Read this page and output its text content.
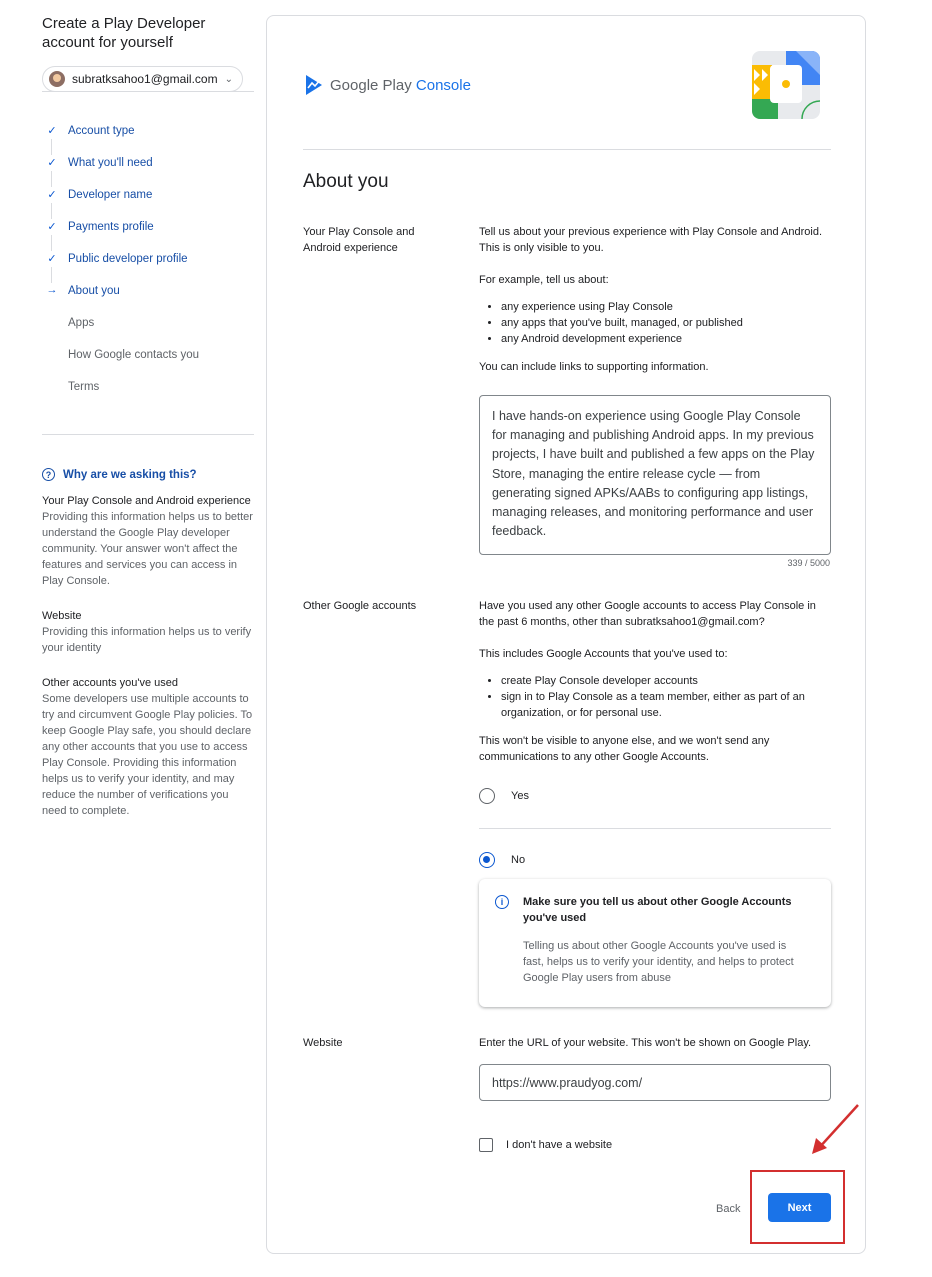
Create a Play Developer account for yourself
subratksahoo1@gmail.com ⌄
✓ Account type
✓ What you'll need
✓ Developer name
✓ Payments profile
✓ Public developer profile
→ About you
Apps
How Google contacts you
Terms
?	Why are we asking this?
Your Play Console and Android experience
Providing this information helps us to better understand the Google Play developer community. Your answer won't affect the features and services you can access in Play Console.
Website
Providing this information helps us to verify your identity
Other accounts you've used
Some developers use multiple accounts to try and circumvent Google Play policies. To keep Google Play safe, you should declare any other accounts that you use to access Play Console. Providing this information helps us to verify your identity, and may reduce the number of verifications you need to complete.
Google Play Console
About you
Your Play Console and Android experience

Tell us about your previous experience with Play Console and Android. This is only visible to you.

For example, tell us about:

• any experience using Play Console
• any apps that you've built, managed, or published
• any Android development experience

You can include links to supporting information.

I have hands-on experience using Google Play Console for managing and publishing Android apps. In my previous projects, I have built and published a few apps on the Play Store, managing the entire release cycle — from generating signed APKs/AABs to configuring app listings, managing releases, and monitoring performance and user feedback.
339 / 5000
Other Google accounts	Have you used any other Google accounts to access Play Console in the past 6 months, other than subratksahoo1@gmail.com?

This includes Google Accounts that you've used to:

• create Play Console developer accounts
• sign in to Play Console as a team member, either as part of an organization, or for personal use.

This won't be visible to anyone else, and we won't send any communications to any other Google Accounts.

Yes
No
i	Make sure you tell us about other Google Accounts you've used
Telling us about other Google Accounts you've used is fast, helps us to verify your identity, and helps to protect Google Play users from abuse
Website	Enter the URL of your website. This won't be shown on Google Play.

https://www.praudyog.com/
I don't have a website
Back	Next
